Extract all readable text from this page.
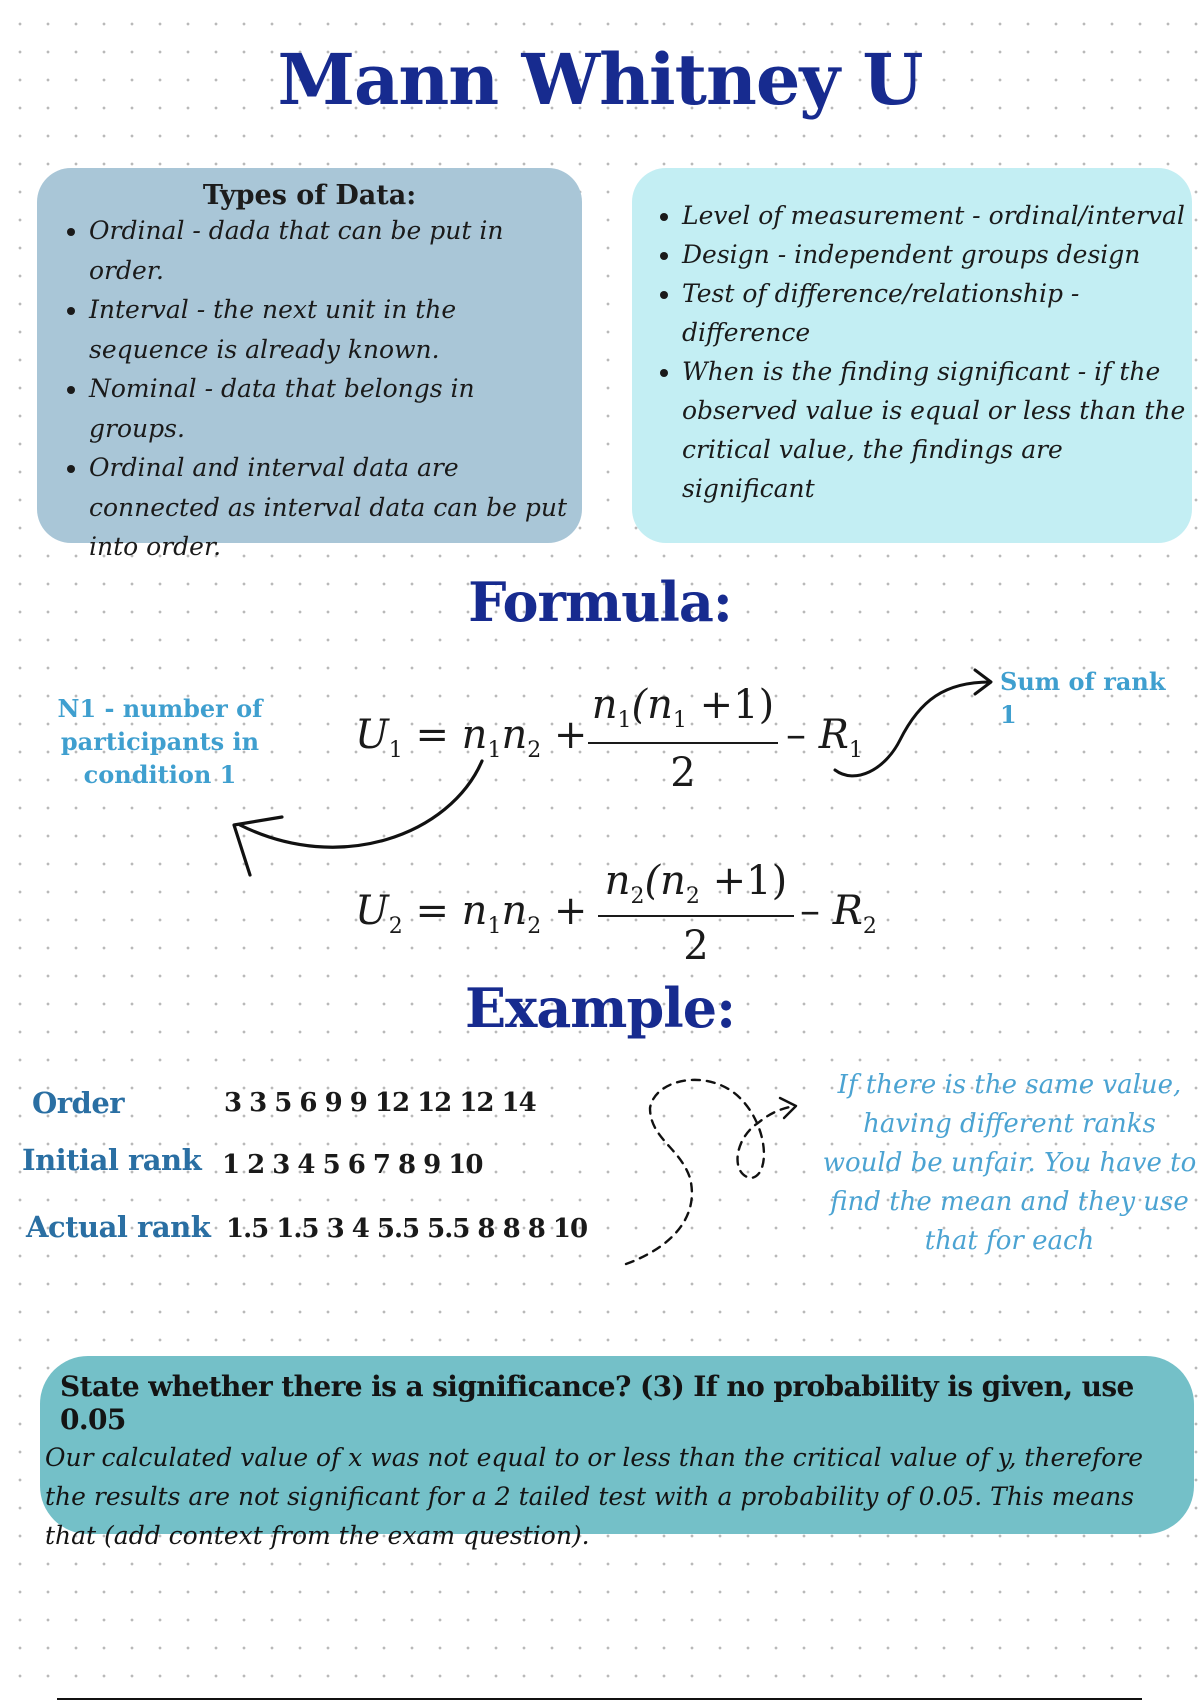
Mann Whitney U
Types of Data:
• Ordinal - dada that can be put in order.
• Interval - the next unit in the sequence is already known.
• Nominal - data that belongs in groups.
• Ordinal and interval data are connected as interval data can be put into order.
• Level of measurement - ordinal/interval
• Design - independent groups design
• Test of difference/relationship - difference
• When is the finding significant - if the observed value is equal or less than the critical value, the findings are significant
Formula:
N1 - number of participants in condition 1
Sum of rank 1
$U_1 = n_1n_2$ +
$n_1(n_1 +1)$
2
– $R_1$
$U_2 = n_1n_2$ +
$n_2(n_2 +1)$
2
– $R_2$
Example:
Order	3 3 5 6 9 9 12 12 12 14
Initial rank 1 2 3 4 5 6 7 8 9 10
Actual rank 1.5 1.5 3 4 5.5 5.5 8 8 8 10
If there is the same value, having different ranks would be unfair. You have to find the mean and they use that for each
State whether there is a significance? (3) If no probability is given, use 0.05
Our calculated value of x was not equal to or less than the critical value of y, therefore the results are not significant for a 2 tailed test with a probability of 0.05. This means that (add context from the exam question).
